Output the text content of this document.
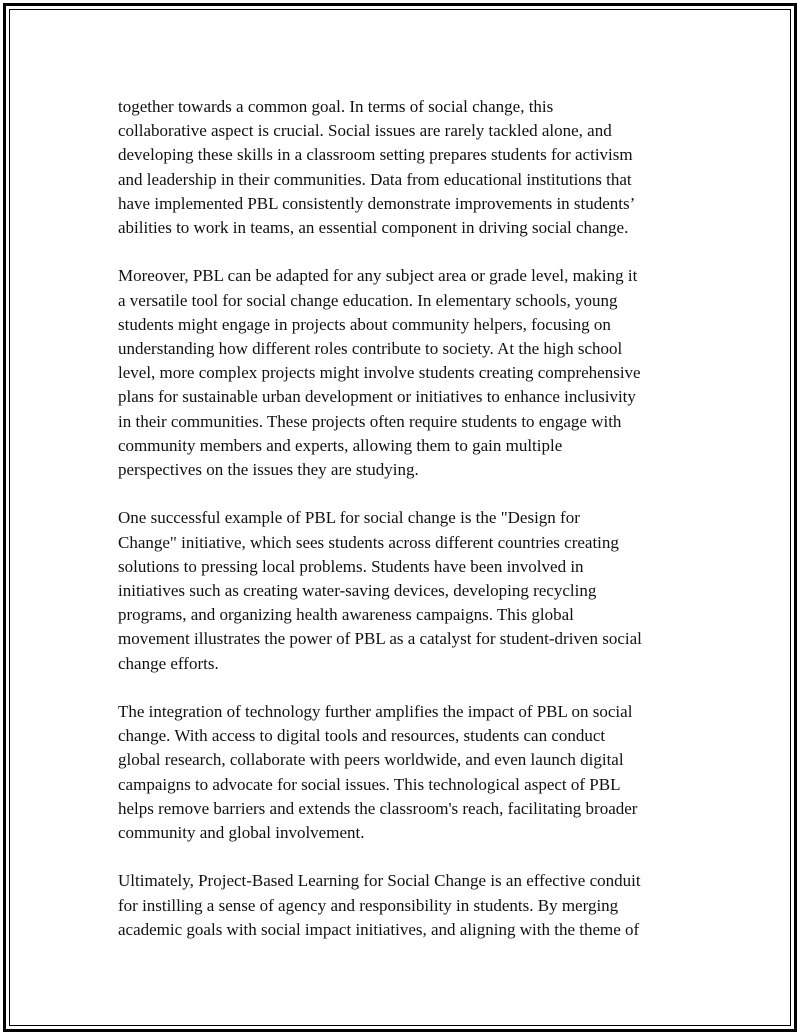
together towards a common goal. In terms of social change, this
collaborative aspect is crucial. Social issues are rarely tackled alone, and
developing these skills in a classroom setting prepares students for activism
and leadership in their communities. Data from educational institutions that
have implemented PBL consistently demonstrate improvements in students’
abilities to work in teams, an essential component in driving social change.

Moreover, PBL can be adapted for any subject area or grade level, making it
a versatile tool for social change education. In elementary schools, young
students might engage in projects about community helpers, focusing on
understanding how different roles contribute to society. At the high school
level, more complex projects might involve students creating comprehensive
plans for sustainable urban development or initiatives to enhance inclusivity
in their communities. These projects often require students to engage with
community members and experts, allowing them to gain multiple
perspectives on the issues they are studying.

One successful example of PBL for social change is the "Design for
Change" initiative, which sees students across different countries creating
solutions to pressing local problems. Students have been involved in
initiatives such as creating water-saving devices, developing recycling
programs, and organizing health awareness campaigns. This global
movement illustrates the power of PBL as a catalyst for student-driven social
change efforts.

The integration of technology further amplifies the impact of PBL on social
change. With access to digital tools and resources, students can conduct
global research, collaborate with peers worldwide, and even launch digital
campaigns to advocate for social issues. This technological aspect of PBL
helps remove barriers and extends the classroom's reach, facilitating broader
community and global involvement.

Ultimately, Project-Based Learning for Social Change is an effective conduit
for instilling a sense of agency and responsibility in students. By merging
academic goals with social impact initiatives, and aligning with the theme of
